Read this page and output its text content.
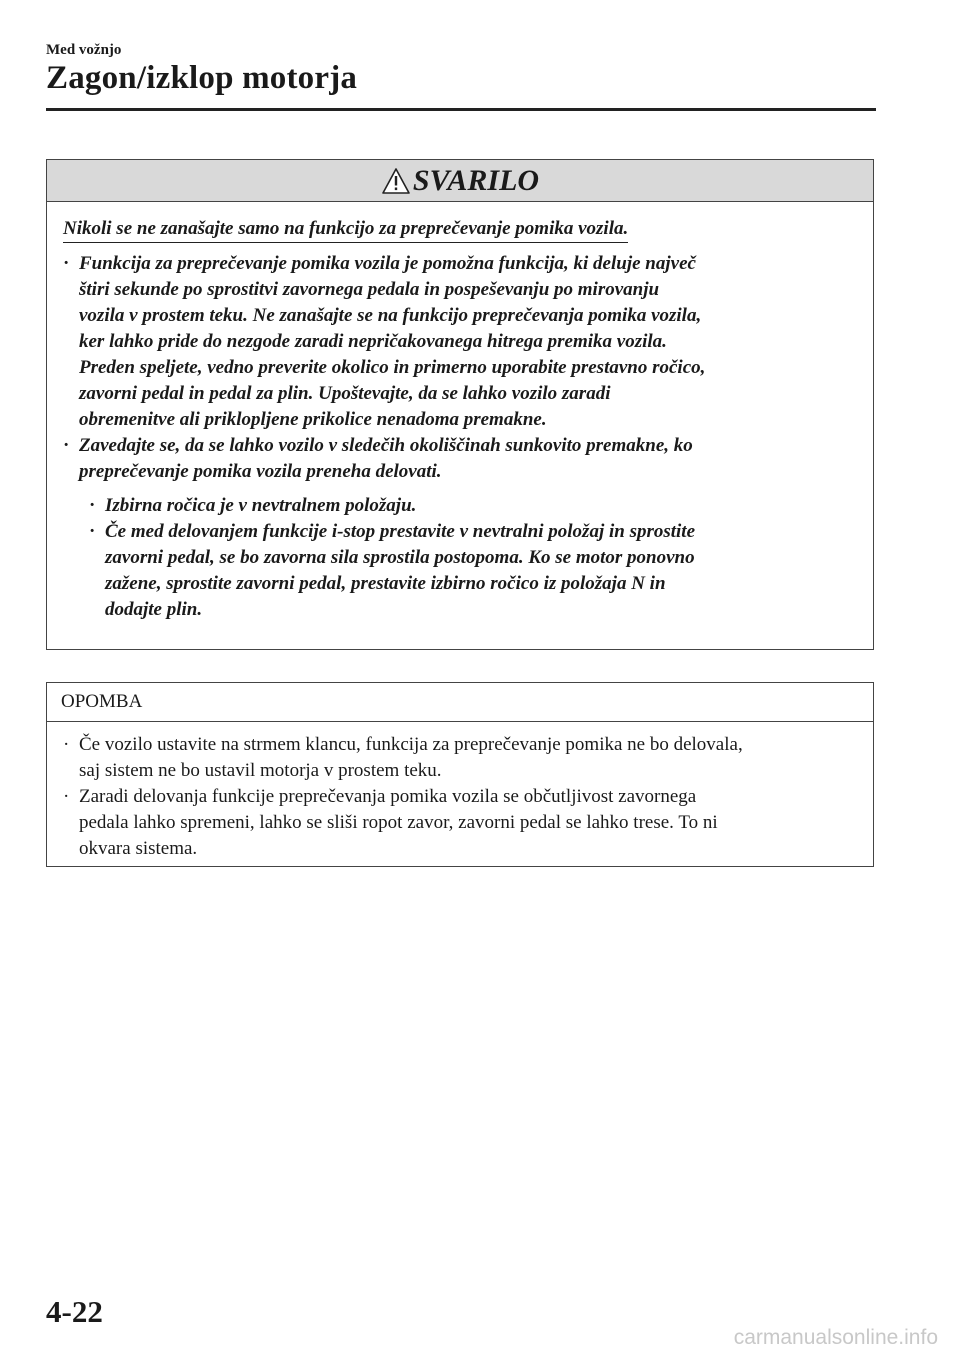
Med vožnjo
Zagon/izklop motorja
SVARILO
Nikoli se ne zanašajte samo na funkcijo za preprečevanje pomika vozila.
· Funkcija za preprečevanje pomika vozila je pomožna funkcija, ki deluje največ
štiri sekunde po sprostitvi zavornega pedala in pospeševanju po mirovanju
vozila v prostem teku. Ne zanašajte se na funkcijo preprečevanja pomika vozila,
ker lahko pride do nezgode zaradi nepričakovanega hitrega premika vozila.
Preden speljete, vedno preverite okolico in primerno uporabite prestavno ročico,
zavorni pedal in pedal za plin. Upoštevajte, da se lahko vozilo zaradi
obremenitve ali priklopljene prikolice nenadoma premakne.
· Zavedajte se, da se lahko vozilo v sledečih okoliščinah sunkovito premakne, ko
preprečevanje pomika vozila preneha delovati.
· Izbirna ročica je v nevtralnem položaju.
· Če med delovanjem funkcije i-stop prestavite v nevtralni položaj in sprostite
zavorni pedal, se bo zavorna sila sprostila postopoma. Ko se motor ponovno
zažene, sprostite zavorni pedal, prestavite izbirno ročico iz položaja N in
dodajte plin.
OPOMBA
· Če vozilo ustavite na strmem klancu, funkcija za preprečevanje pomika ne bo delovala,
saj sistem ne bo ustavil motorja v prostem teku.
· Zaradi delovanja funkcije preprečevanja pomika vozila se občutljivost zavornega
pedala lahko spremeni, lahko se sliši ropot zavor, zavorni pedal se lahko trese. To ni
okvara sistema.
4-22
carmanualsonline.info
